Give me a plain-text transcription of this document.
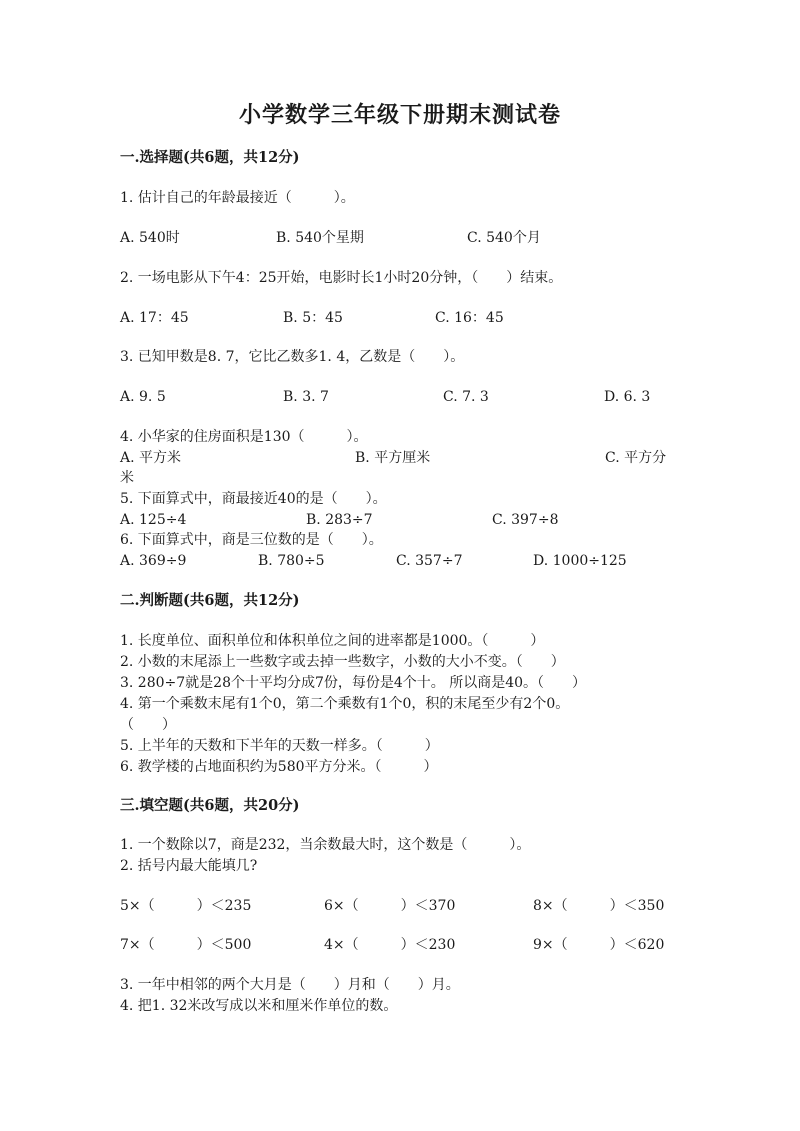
小学数学三年级下册期末测试卷
一.选择题(共6题，共12分)
1. 估计自己的年龄最接近（　　　）。
A. 540时	B. 540个星期	C. 540个月
2. 一场电影从下午4：25开始，电影时长1小时20分钟，（　　）结束。
A. 17：45	B. 5：45	C. 16：45
3. 已知甲数是8. 7，它比乙数多1. 4，乙数是（　　）。
A. 9. 5	B. 3. 7	C. 7. 3	D. 6. 3
4. 小华家的住房面积是130（　　　）。
A. 平方米	B. 平方厘米	C. 平方分
米
5. 下面算式中，商最接近40的是（　　）。
A. 125÷4	B. 283÷7	C. 397÷8
6. 下面算式中，商是三位数的是（　　）。
A. 369÷9	B. 780÷5	C. 357÷7	D. 1000÷125
二.判断题(共6题，共12分)
1. 长度单位、面积单位和体积单位之间的进率都是1000。（　　　）
2. 小数的末尾添上一些数字或去掉一些数字，小数的大小不变。（　　）
3. 280÷7就是28个十平均分成7份，每份是4个十。 所以商是40。（　　）
4. 第一个乘数末尾有1个0，第二个乘数有1个0，积的末尾至少有2个0。
（　　）
5. 上半年的天数和下半年的天数一样多。（　　　）
6. 教学楼的占地面积约为580平方分米。（　　　）
三.填空题(共6题，共20分)
1. 一个数除以7，商是232，当余数最大时，这个数是（　　　）。
2. 括号内最大能填几?
5×（　　　）＜235	6×（　　　）＜370	8×（　　　）＜350
7×（　　　）＜500	4×（　　　）＜230	9×（　　　）＜620
3. 一年中相邻的两个大月是（　　）月和（　　）月。
4. 把1. 32米改写成以米和厘米作单位的数。
